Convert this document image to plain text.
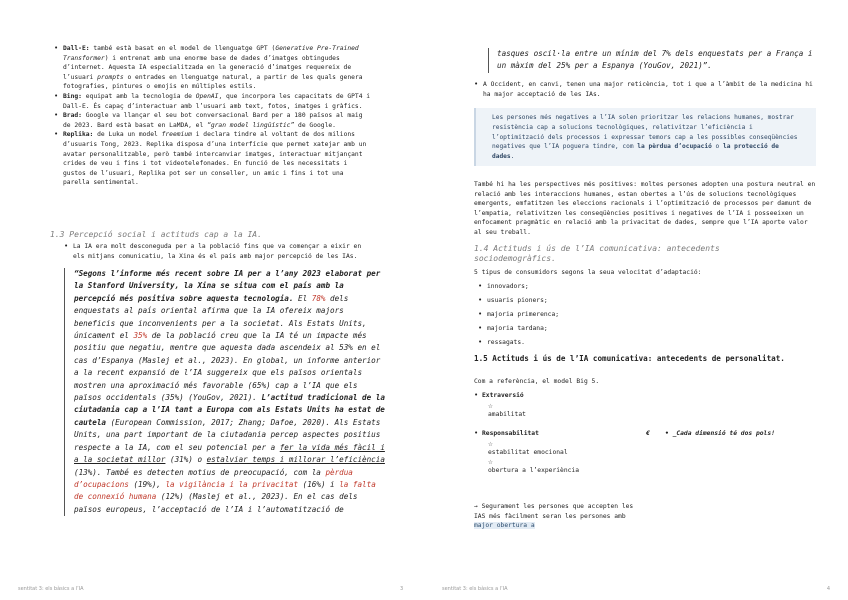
• Dall-E: també està basat en el model de llenguatge GPT (Generative Pre-Trained Transformer) i entrenat amb una enorme base de dades d’imatges obtingudes d’internet. Aquesta IA especialitzada en la generació d’imatges requereix de l’usuari prompts o entrades en llenguatge natural, a partir de les quals genera fotografies, pintures o emojis en múltiples estils.
• Bing: equipat amb la tecnologia de OpenAI, que incorpora les capacitats de GPT4 i Dall-E. És capaç d’interactuar amb l’usuari amb text, fotos, imatges i gràfics.
• Brad: Google va llançar el seu bot conversacional Bard per a 180 països al maig de 2023. Bard està basat en LaMDA, el “gran model lingüístic” de Google.
• Replika: de Luka un model freemium i declara tindre al voltant de dos milions d’usuaris Tong, 2023. Replika disposa d’una interfície que permet xatejar amb un avatar personalitzable, però també intercanviar imatges, interactuar mitjançant crides de veu i fins i tot videotelefonades. En funció de les necessitats i gustos de l’usuari, Replika pot ser un conseller, un amic i fins i tot una parella sentimental.
1.3 Percepció social i actituds cap a la IA.
• La IA era molt desconeguda per a la població fins que va començar a eixir en els mitjans comunicatiu, la Xina és el país amb major percepció de les IAs.
“Segons l’informe més recent sobre IA per a l’any 2023 elaborat per la Stanford University, la Xina se situa com el país amb la percepció més positiva sobre aquesta tecnologia. El 78% dels enquestats al país oriental afirma que la IA ofereix majors beneficis que inconvenients per a la societat. Als Estats Units, únicament el 35% de la població creu que la IA té un impacte més positiu que negatiu, mentre que aquesta dada ascendeix al 53% en el cas d’Espanya (Maslej et al., 2023). En global, un informe anterior a la recent expansió de l’IA suggereix que els països orientals mostren una aproximació més favorable (65%) cap a l’IA que els països occidentals (35%) (YouGov, 2021). L’actitud tradicional de la ciutadania cap a l’IA tant a Europa com als Estats Units ha estat de cautela (European Commission, 2017; Zhang; Dafoe, 2020). Als Estats Units, una part important de la ciutadania percep aspectes positius respecte a la IA, com el seu potencial per a fer la vida més fàcil i a la societat millor (31%) o estalviar temps i millorar l’eficiència (13%). També es detecten motius de preocupació, com la pèrdua d’ocupacions (19%), la vigilància i la privacitat (16%) i la falta de connexió humana (12%) (Maslej et al., 2023). En el cas dels països europeus, l’acceptació de l’IA i l’automatització de
sentitat 3: els bàsics a l’IA	3
tasques oscil·la entre un mínim del 7% dels enquestats per a França i un màxim del 25% per a Espanya (YouGov, 2021)”.
• A Occident, en canvi, tenen una major reticència, tot i que a l’àmbit de la medicina hi ha major acceptació de les IAs.
Les persones més negatives a l’IA solen prioritzar les relacions humanes, mostrar resistència cap a solucions tecnològiques, relativitzar l’eficiència i l’optimització dels processos i expressar temors cap a les possibles conseqüències negatives que l’IA poguera tindre, com la pèrdua d’ocupació o la protecció de dades.
També hi ha les perspectives més positives: moltes persones adopten una postura neutral en relació amb les interaccions humanes, estan obertes a l’ús de solucions tecnològiques emergents, emfatitzen les eleccions racionals i l’optimització de processos per damunt de l’empatia, relativitzen les conseqüències positives i negatives de l’IA i posseeixen un enfocament pragmàtic en relació amb la privacitat de dades, sempre que l’IA aporte valor al seu treball.
1.4 Actituds i ús de l’IA comunicativa: antecedents sociodemogràfics.
5 tipus de consumidors segons la seua velocitat d’adaptació:
• innovadors;
• usuaris pioners;
• majoria primerenca;
• majoria tardana;
• ressagats.
1.5 Actituds i ús de l’IA comunicativa: antecedents de personalitat.
Com a referència, el model Big 5.
• Extraversió
☆
amabilitat
• Responsabilitat
☆
estabilitat emocional
☆
obertura a l’experiència
€ • _Cada dimensió té dos pols!
→ Segurament les persones que accepten les IAS més fàcilment seran les persones amb major obertura a
sentitat 3: els bàsics a l’IA	4
